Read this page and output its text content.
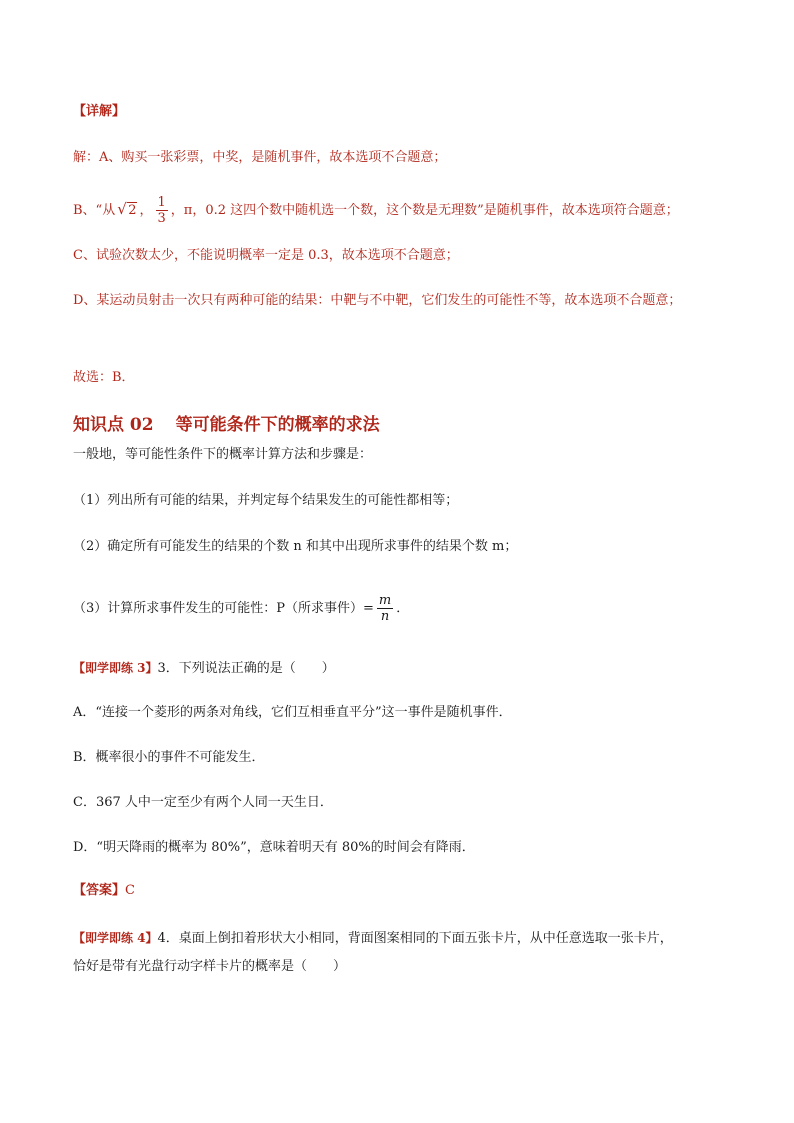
【详解】
解：A、购买一张彩票，中奖，是随机事件，故本选项不合题意；
B、“从√ 2 ， $\frac{1}{3}$ ，π，0.2 这四个数中随机选一个数，这个数是无理数”是随机事件，故本选项符合题意；
C、试验次数太少，不能说明概率一定是 0.3，故本选项不合题意；
D、某运动员射击一次只有两种可能的结果：中靶与不中靶，它们发生的可能性不等，故本选项不合题意；
故选：B．
知识点 02 等可能条件下的概率的求法
一般地，等可能性条件下的概率计算方法和步骤是：
（1）列出所有可能的结果，并判定每个结果发生的可能性都相等；
（2）确定所有可能发生的结果的个数 n 和其中出现所求事件的结果个数 m；
（3）计算所求事件发生的可能性：P（所求事件）= $\frac{m}{n}$ ．
【即学即练 3】3．下列说法正确的是（　　）
A．“连接一个菱形的两条对角线，它们互相垂直平分”这一事件是随机事件．
B．概率很小的事件不可能发生．
C．367 人中一定至少有两个人同一天生日．
D．“明天降雨的概率为 80%”，意味着明天有 80%的时间会有降雨．
【答案】C
【即学即练 4】4．桌面上倒扣着形状大小相同，背面图案相同的下面五张卡片，从中任意选取一张卡片，
恰好是带有光盘行动字样卡片的概率是（　　）
